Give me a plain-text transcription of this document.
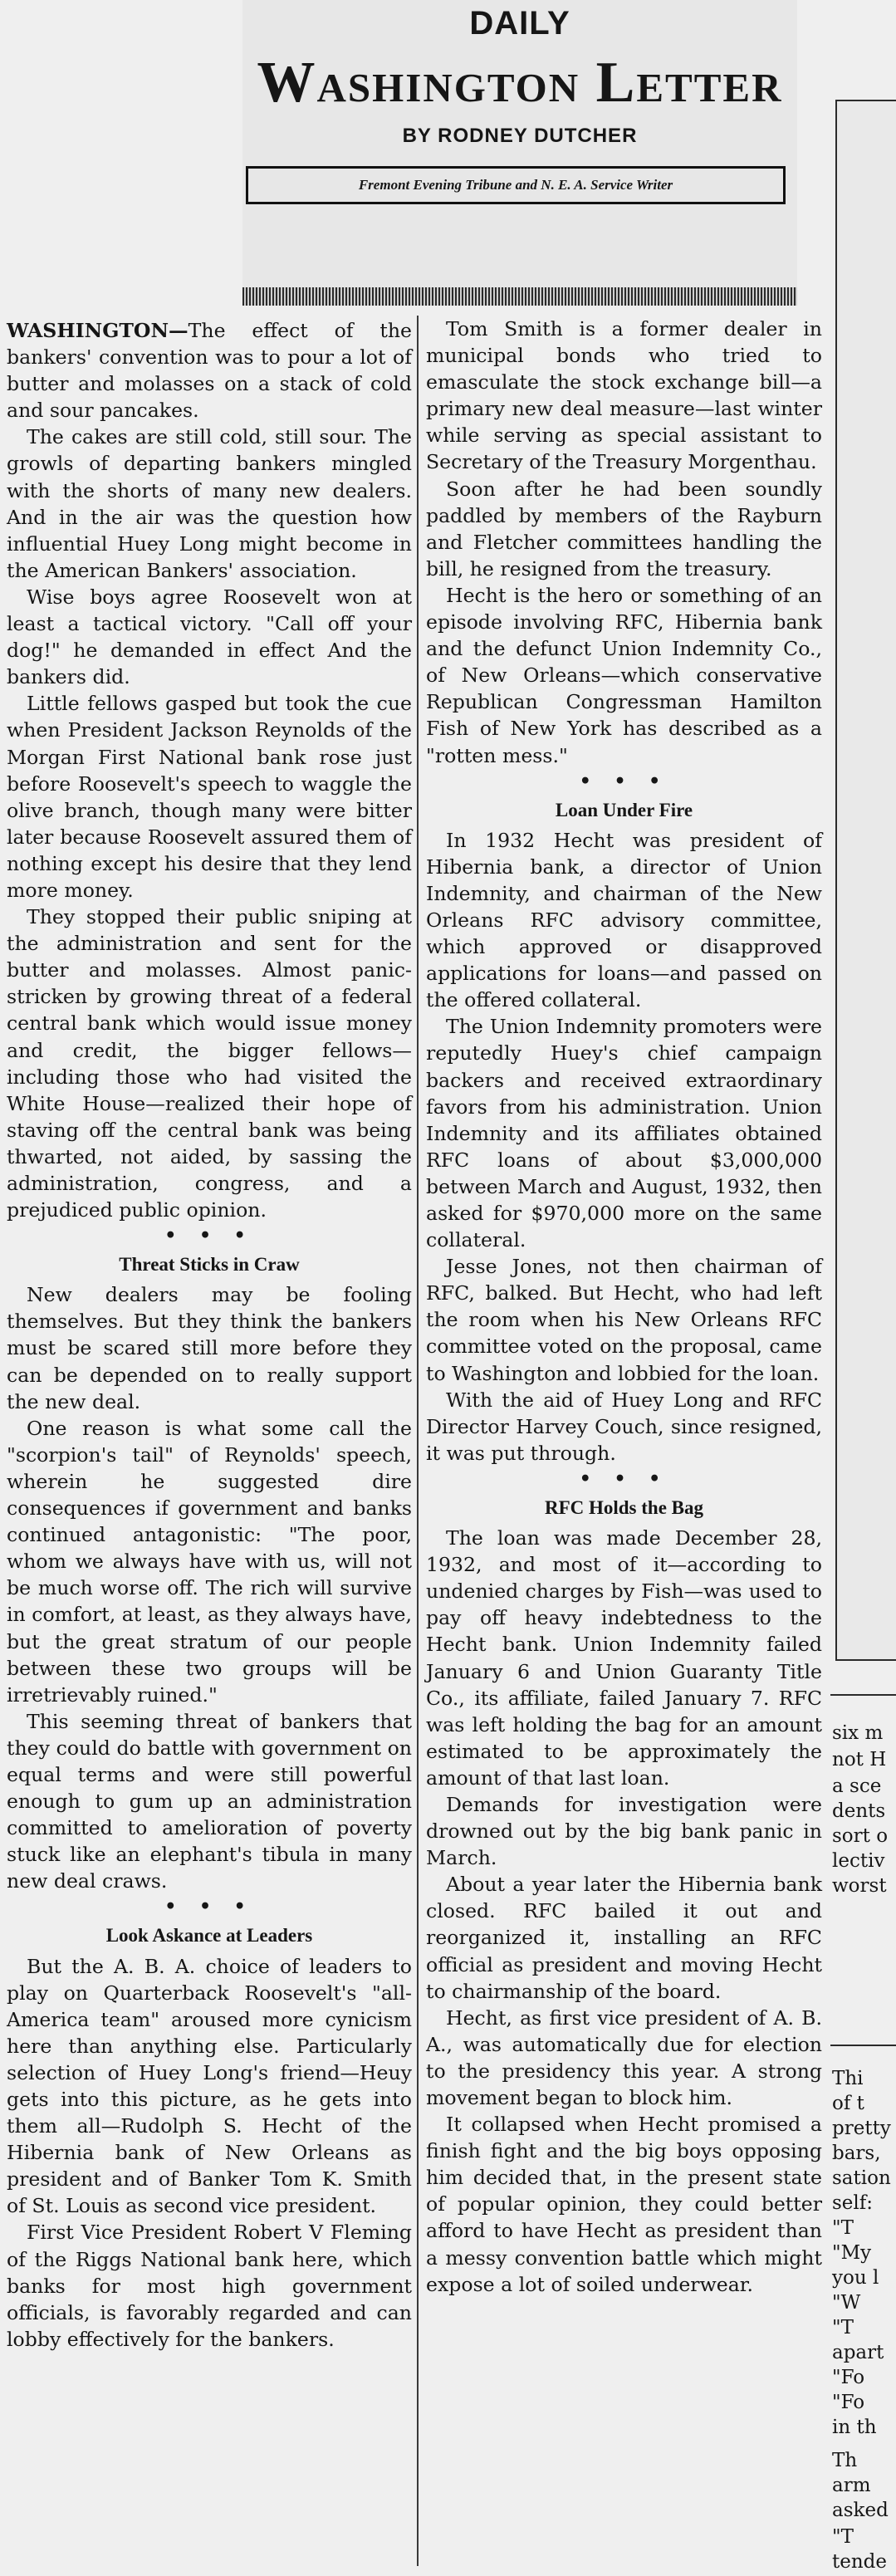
DAILY
Washington Letter
BY RODNEY DUTCHER
Fremont Evening Tribune and N. E. A. Service Writer

WASHINGTON—The effect of the bankers' convention was to pour a lot of butter and molasses on a stack of cold and sour pancakes.

The cakes are still cold, still sour. The growls of departing bankers mingled with the shorts of many new dealers. And in the air was the question how influential Huey Long might become in the American Bankers' association.

Wise boys agree Roosevelt won at least a tactical victory. "Call off your dog!" he demanded in effect And the bankers did.

Little fellows gasped but took the cue when President Jackson Reynolds of the Morgan First National bank rose just before Roosevelt's speech to waggle the olive branch, though many were bitter later because Roosevelt assured them of nothing except his desire that they lend more money.

They stopped their public sniping at the administration and sent for the butter and molasses. Almost panic-stricken by growing threat of a federal central bank which would issue money and credit, the bigger fellows—including those who had visited the White House—realized their hope of staving off the central bank was being thwarted, not aided, by sassing the administration, congress, and a prejudiced public opinion.

• • •
Threat Sticks in Craw

New dealers may be fooling themselves. But they think the bankers must be scared still more before they can be depended on to really support the new deal.

One reason is what some call the "scorpion's tail" of Reynolds' speech, wherein he suggested dire consequences if government and banks continued antagonistic: "The poor, whom we always have with us, will not be much worse off. The rich will survive in comfort, at least, as they always have, but the great stratum of our people between these two groups will be irretrievably ruined."

This seeming threat of bankers that they could do battle with government on equal terms and were still powerful enough to gum up an administration committed to amelioration of poverty stuck like an elephant's tibula in many new deal craws.

• • •
Look Askance at Leaders

But the A. B. A. choice of leaders to play on Quarterback Roosevelt's "all-America team" aroused more cynicism here than anything else. Particularly selection of Huey Long's friend—Heuy gets into this picture, as he gets into them all—Rudolph S. Hecht of the Hibernia bank of New Orleans as president and of Banker Tom K. Smith of St. Louis as second vice president.

First Vice President Robert V Fleming of the Riggs National bank here, which banks for most high government officials, is favorably regarded and can lobby effectively for the bankers.

Tom Smith is a former dealer in municipal bonds who tried to emasculate the stock exchange bill—a primary new deal measure—last winter while serving as special assistant to Secretary of the Treasury Morgenthau.

Soon after he had been soundly paddled by members of the Rayburn and Fletcher committees handling the bill, he resigned from the treasury.

Hecht is the hero or something of an episode involving RFC, Hibernia bank and the defunct Union Indemnity Co., of New Orleans—which conservative Republican Congressman Hamilton Fish of New York has described as a "rotten mess."

• • •
Loan Under Fire

In 1932 Hecht was president of Hibernia bank, a director of Union Indemnity, and chairman of the New Orleans RFC advisory committee, which approved or disapproved applications for loans—and passed on the offered collateral.

The Union Indemnity promoters were reputedly Huey's chief campaign backers and received extraordinary favors from his administration. Union Indemnity and its affiliates obtained RFC loans of about $3,000,000 between March and August, 1932, then asked for $970,000 more on the same collateral.

Jesse Jones, not then chairman of RFC, balked. But Hecht, who had left the room when his New Orleans RFC committee voted on the proposal, came to Washington and lobbied for the loan.

With the aid of Huey Long and RFC Director Harvey Couch, since resigned, it was put through.

• • •
RFC Holds the Bag

The loan was made December 28, 1932, and most of it—according to undenied charges by Fish—was used to pay off heavy indebtedness to the Hecht bank. Union Indemnity failed January 6 and Union Guaranty Title Co., its affiliate, failed January 7. RFC was left holding the bag for an amount estimated to be approximately the amount of that last loan.

Demands for investigation were drowned out by the big bank panic in March.

About a year later the Hibernia bank closed. RFC bailed it out and reorganized it, installing an RFC official as president and moving Hecht to chairmanship of the board.

Hecht, as first vice president of A. B. A., was automatically due for election to the presidency this year. A strong movement began to block him.

It collapsed when Hecht promised a finish fight and the big boys opposing him decided that, in the present state of popular opinion, they could better afford to have Hecht as president than a messy convention battle which might expose a lot of soiled underwear.

six m
not H
a sce
dents
sort o
lectiv
worst
Thi
of t
pretty
bars,
sation
self:
"T
"My
you l
"W
"T
apart
"Fo
"Fo
in th
Th
arm
asked
"T
tende
